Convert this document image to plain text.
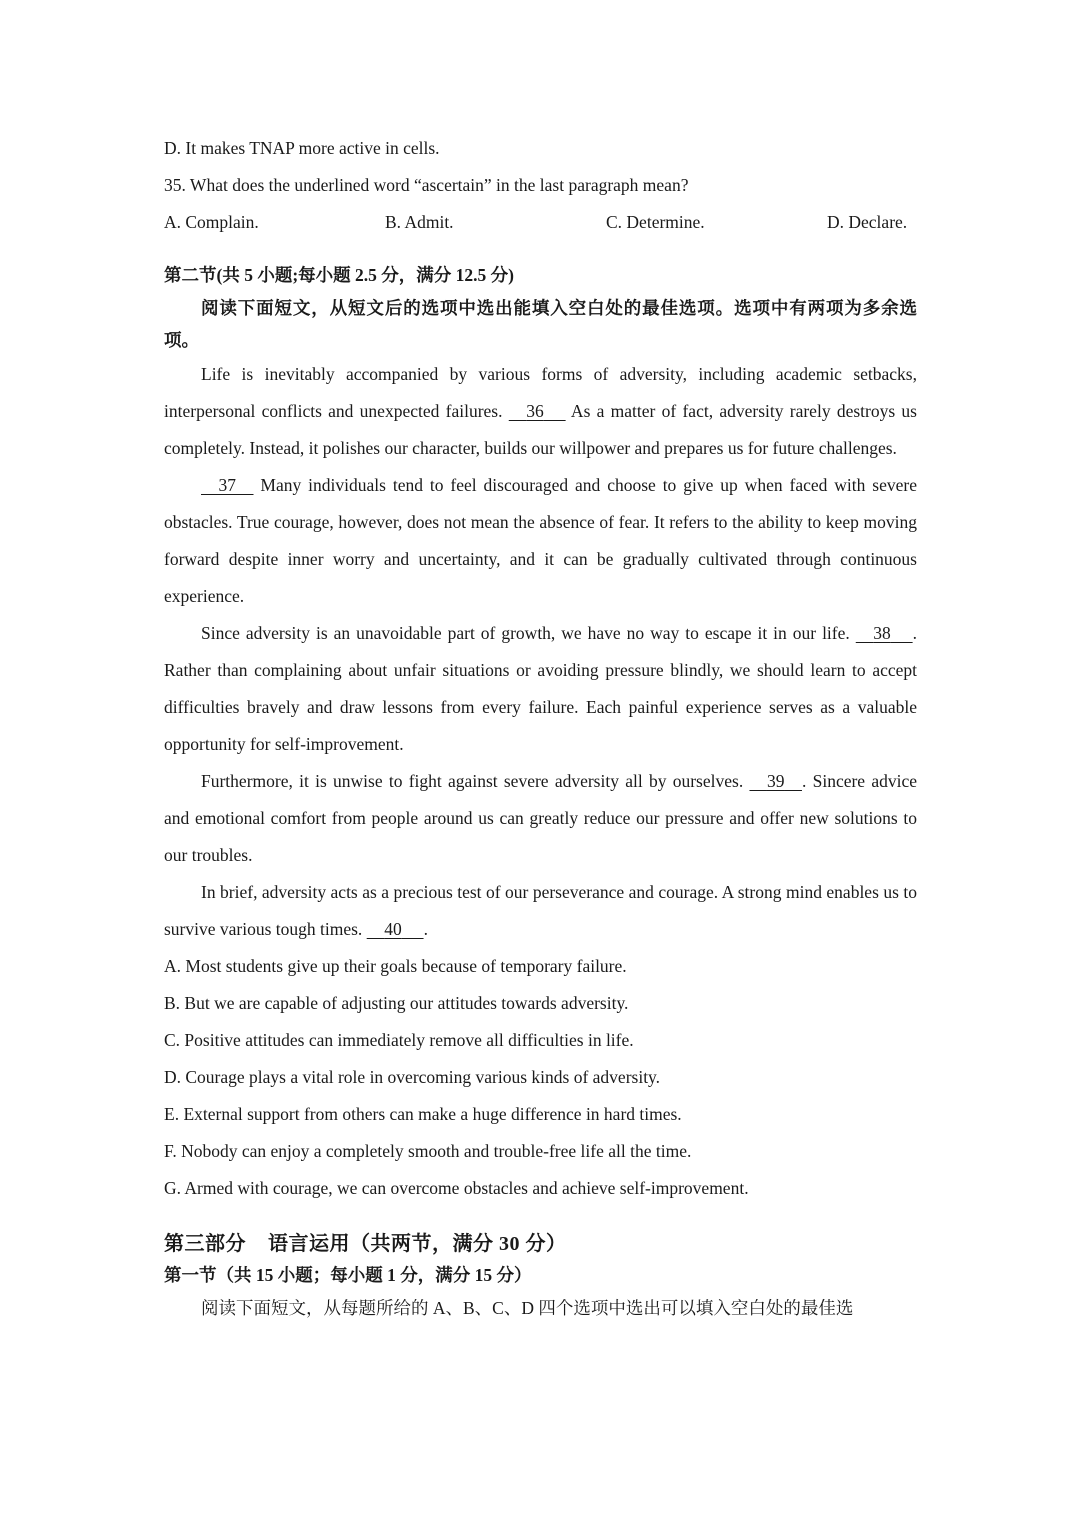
D. It makes TNAP more active in cells.
35. What does the underlined word “ascertain” in the last paragraph mean?
A. Complain.	B. Admit.	C. Determine.	D. Declare.
第二节(共 5 小题;每小题 2.5 分，满分 12.5 分)
阅读下面短文，从短文后的选项中选出能填入空白处的最佳选项。选项中有两项为多余选项。
Life is inevitably accompanied by various forms of adversity, including academic setbacks, interpersonal conflicts and unexpected failures.     36      As a matter of fact, adversity rarely destroys us completely. Instead, it polishes our character, builds our willpower and prepares us for future challenges.
37     Many individuals tend to feel discouraged and choose to give up when faced with severe obstacles. True courage, however, does not mean the absence of fear. It refers to the ability to keep moving forward despite inner worry and uncertainty, and it can be gradually cultivated through continuous experience.
Since adversity is an unavoidable part of growth, we have no way to escape it in our life.     38 . Rather than complaining about unfair situations or avoiding pressure blindly, we should learn to accept difficulties bravely and draw lessons from every failure. Each painful experience serves as a valuable opportunity for self-improvement.
Furthermore, it is unwise to fight against severe adversity all by ourselves.     39 . Sincere advice and emotional comfort from people around us can greatly reduce our pressure and offer new solutions to our troubles.
In brief, adversity acts as a precious test of our perseverance and courage. A strong mind enables us to survive various tough times.     40 .
A. Most students give up their goals because of temporary failure.
B. But we are capable of adjusting our attitudes towards adversity.
C. Positive attitudes can immediately remove all difficulties in life.
D. Courage plays a vital role in overcoming various kinds of adversity.
E. External support from others can make a huge difference in hard times.
F. Nobody can enjoy a completely smooth and trouble-free life all the time.
G. Armed with courage, we can overcome obstacles and achieve self-improvement.
第三部分 语言运用（共两节，满分 30 分）
第一节（共 15 小题；每小题 1 分，满分 15 分）
阅读下面短文，从每题所给的 A、B、C、D 四个选项中选出可以填入空白处的最佳选
